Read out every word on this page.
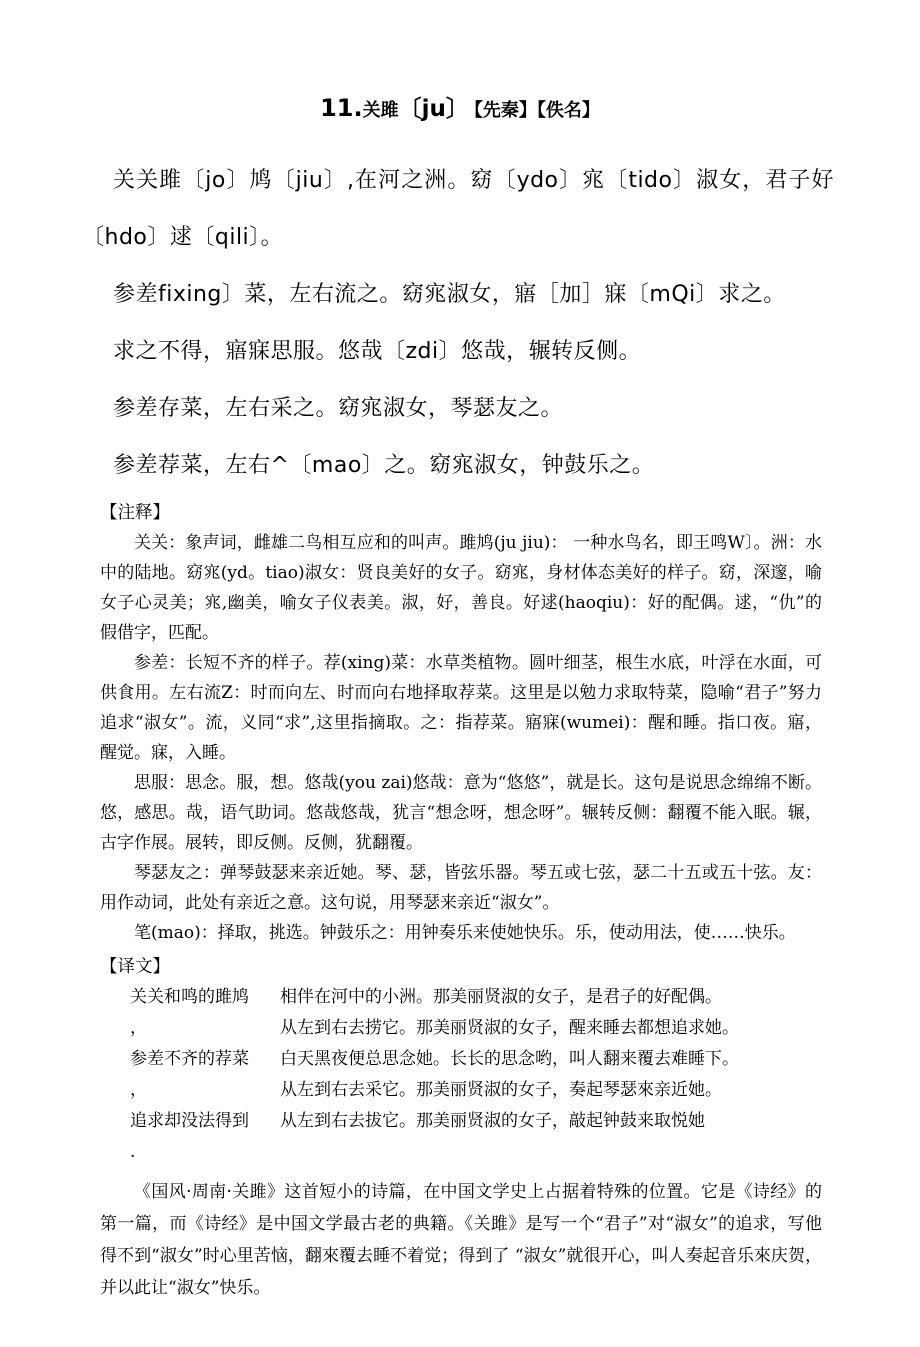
11.关雎〔ju〕 【先秦】【佚名】

关关雎〔jo〕鸠〔jiu〕,在河之洲。窈〔ydo〕宨〔tido〕淑女，君子好〔hdo〕逑〔qili〕。

参差fixing〕菜，左右流之。窈宨淑女，寤［加］寐〔mQi〕求之。

求之不得，寤寐思服。悠哉〔zdi〕悠哉，辗转反侧。

参差存菜，左右采之。窈宨淑女，琴瑟友之。

参差荐菜，左右^〔mao〕之。窈宨淑女，钟鼓乐之。

【注释】

关关：象声词，雌雄二鸟相互应和的叫声。雎鸠(ju jiu)： 一种水鸟名，即王鸣W〕。洲：水中的陆地。窈宨(yd。tiao)淑女：贤良美好的女子。窈宨，身材体态美好的样子。窈，深邃，喻女子心灵美；宨,幽美，喻女子仪表美。淑，好，善良。好逑(haoqiu)：好的配偶。逑，“仇”的假借字，匹配。

参差：长短不齐的样子。荐(xing)菜：水草类植物。圆叶细茎，根生水底，叶浮在水面，可供食用。左右流Z：时而向左、时而向右地择取荐菜。这里是以勉力求取特菜，隐喻“君子”努力追求“淑女”。流，义同“求”,这里指摘取。之：指荐菜。寤寐(wumei)：醒和睡。指口夜。寤，醒觉。寐，入睡。

思服：思念。服，想。悠哉(you zai)悠哉：意为“悠悠”，就是长。这句是说思念绵绵不断。悠，感思。哉，语气助词。悠哉悠哉，犹言“想念呀，想念呀”。辗转反侧：翻覆不能入眠。辗，古字作展。展转，即反侧。反侧，犹翻覆。

琴瑟友之：弹琴鼓瑟来亲近她。琴、瑟，皆弦乐器。琴五或七弦，瑟二十五或五十弦。友：用作动词，此处有亲近之意。这句说，用琴瑟来亲近“淑女”。

笔(mao)：择取，挑选。钟鼓乐之：用钟奏乐来使她快乐。乐，使动用法，使……快乐。

【译文】
关关和鸣的雎鸠
，
参差不齐的荐菜
，
追求却没法得到
.
相伴在河中的小洲。那美丽贤淑的女子，是君子的好配偶。
从左到右去捞它。那美丽贤淑的女子，醒来睡去都想追求她。
白天黑夜便总思念她。长长的思念哟，叫人翻来覆去难睡下。
从左到右去采它。那美丽贤淑的女子，奏起琴瑟來亲近她。
从左到右去拔它。那美丽贤淑的女子，敲起钟鼓来取悦她

《国风·周南·关雎》这首短小的诗篇，在中国文学史上占据着特殊的位置。它是《诗经》的第一篇，而《诗经》是中国文学最古老的典籍。《关雎》是写一个“君子”对“淑女”的追求，写他得不到“淑女”时心里苦恼，翻來覆去睡不着觉；得到了 “淑女”就很开心，叫人奏起音乐來庆贺，并以此让“淑女”快乐。
